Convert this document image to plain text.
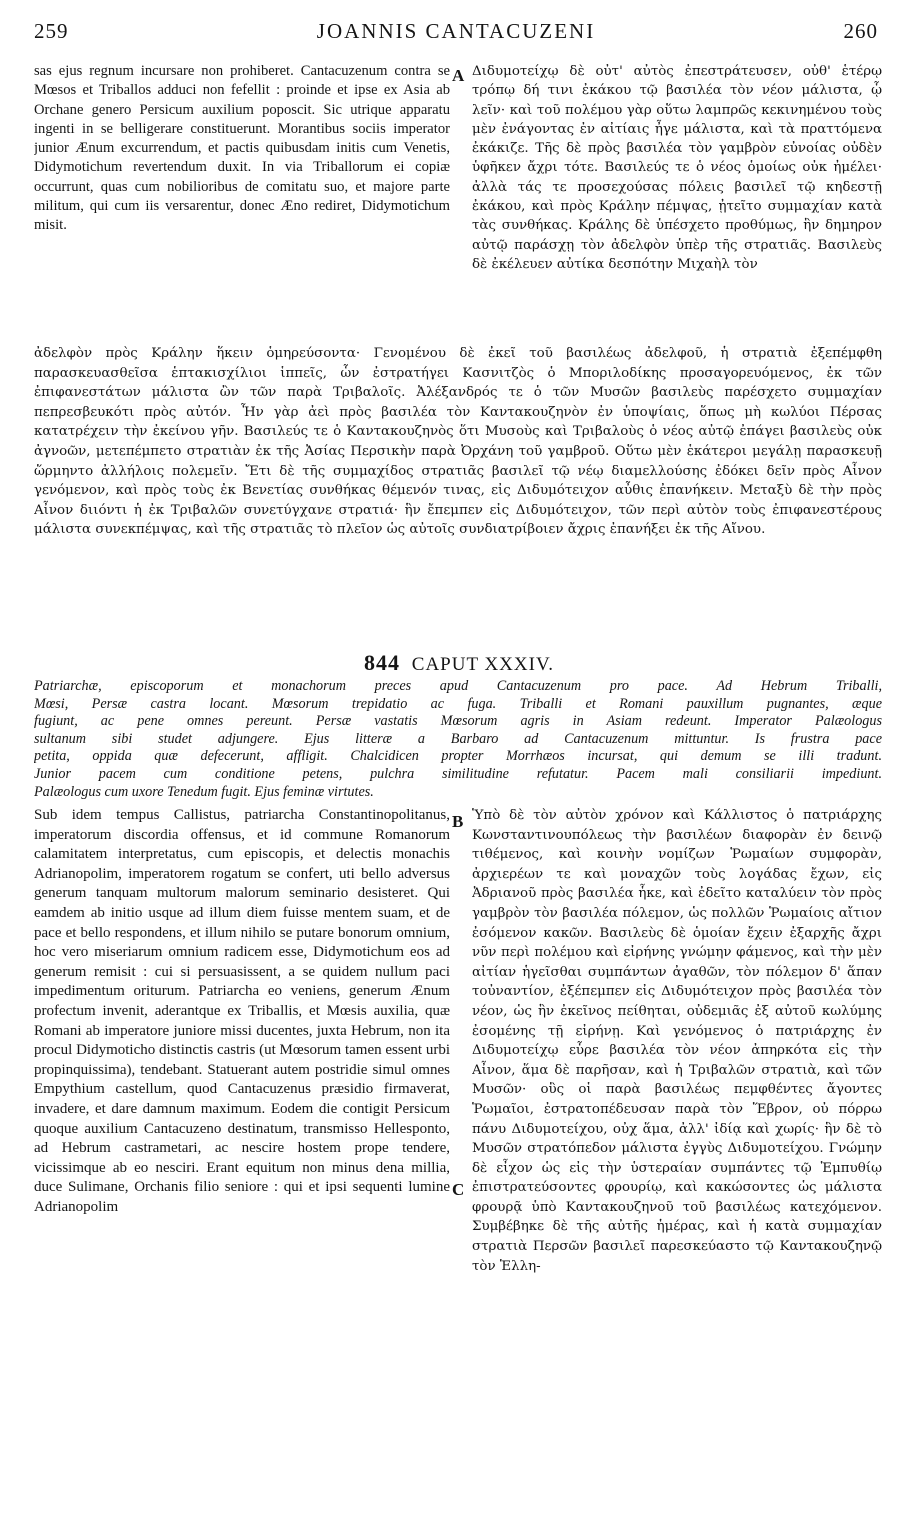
259	JOANNIS CANTACUZENI	260
sas ejus regnum incursare non prohiberet. Cantacuzenum contra se Mœsos et Triballos adduci non fefellit : proinde et ipse ex Asia ab Orchane genero Persicum auxilium poposcit. Sic utrique apparatu ingenti in se belligerare constituerunt. Morantibus sociis imperator junior Ænum excurrendum, et pactis quibusdam initis cum Venetis, Didymotichum revertendum duxit. In via Triballorum ei copiæ occurrunt, quas cum nobilioribus de comitatu suo, et majore parte militum, qui cum iis versarentur, donec Æno rediret, Didymotichum misit.
A Διδυμοτείχῳ δὲ οὐτ' αὐτὸς ἐπεστράτευσεν, οὐθ' ἑτέρῳ τρόπῳ δή τινι ἐκάκου τῷ βασιλέα τὸν νέον μάλιστα, ᾧ λεῖν· καὶ τοῦ πολέμου γὰρ οὕτω λαμπρῶς κεκινημένου τοὺς μὲν ἐνάγοντας ἐν αἰτίαις ἦγε μάλιστα, καὶ τὰ πραττόμενα ἐκάκιζε. Τῆς δὲ πρὸς βασιλέα τὸν γαμβρὸν εὐνοίας οὐδὲν ὑφῆκεν ἄχρι τότε. Βασιλεύς τε ὁ νέος ὁμοίως οὐκ ἠμέλει· ἀλλὰ τάς τε προσεχούσας πόλεις βασιλεῖ τῷ κηδεστῇ ἐκάκου, καὶ πρὸς Κράλην πέμψας, ᾐτεῖτο συμμαχίαν κατὰ τὰς συνθήκας. Κράλης δὲ ὑπέσχετο προθύμως, ἣν δημηρον αὐτῷ παράσχῃ τὸν ἀδελφὸν ὑπὲρ τῆς στρατιᾶς. Βασιλεὺς δὲ ἐκέλευεν αὐτίκα δεσπότην Μιχαὴλ τὸν
ἀδελφὸν πρὸς Κράλην ἥκειν ὁμηρεύσοντα· Γενομένου δὲ ἐκεῖ τοῦ βασιλέως ἀδελφοῦ, ἡ στρατιὰ ἐξεπέμφθη παρασκευασθεῖσα ἑπτακισχίλιοι ἱππεῖς, ὧν ἐστρατήγει Κασνιτζὸς ὁ Μποριλοδίκης προσαγορευόμενος, ἐκ τῶν ἐπιφανεστάτων μάλιστα ὢν τῶν παρὰ Τριβαλοῖς. Ἀλέξανδρός τε ὁ τῶν Μυσῶν βασιλεὺς παρέσχετο συμμαχίαν πεπρεσβευκότι πρὸς αὐτόν. Ἦν γὰρ ἀεὶ πρὸς βασιλέα τὸν Καντακουζηνὸν ἐν ὑποψίαις, ὅπως μὴ κωλύοι Πέρσας κατατρέχειν τὴν ἐκείνου γῆν. Βασιλεύς τε ὁ Καντακουζηνὸς ὅτι Μυσοὺς καὶ Τριβαλοὺς ὁ νέος αὐτῷ ἐπάγει βασιλεὺς οὐκ ἀγνοῶν, μετεπέμπετο στρατιὰν ἐκ τῆς Ἀσίας Περσικὴν παρὰ Ὀρχάνη τοῦ γαμβροῦ. Οὕτω μὲν ἑκάτεροι μεγάλῃ παρασκευῇ ὥρμηντο ἀλλήλοις πολεμεῖν. Ἔτι δὲ τῆς συμμαχίδος στρατιᾶς βασιλεῖ τῷ νέῳ διαμελλούσης ἐδόκει δεῖν πρὸς Αἶνον γενόμενον, καὶ πρὸς τοὺς ἐκ Βενετίας συνθήκας θέμενόν τινας, εἰς Διδυμότειχον αὖθις ἐπανήκειν. Μεταξὺ δὲ τὴν πρὸς Αἶνον διιόντι ἡ ἐκ Τριβαλῶν συνετύγχανε στρατιά· ἣν ἔπεμπεν εἰς Διδυμότειχον, τῶν περὶ αὐτὸν τοὺς ἐπιφανεστέρους μάλιστα συνεκπέμψας, καὶ τῆς στρατιᾶς τὸ πλεῖον ὡς αὐτοῖς συνδιατρίβοιεν ἄχρις ἐπανήξει ἐκ τῆς Αἴνου.
844 CAPUT XXXIV.
Patriarchæ, episcoporum et monachorum preces apud Cantacuzenum pro pace. Ad Hebrum Triballi,
Mœsi, Persæ castra locant. Mœsorum trepidatio ac fuga. Triballi et Romani pauxillum pugnantes, æque
fugiunt, ac pene omnes pereunt. Persæ vastatis Mœsorum agris in Asiam redeunt. Imperator Palæologus
sultanum sibi studet adjungere. Ejus litteræ a Barbaro ad Cantacuzenum mittuntur. Is frustra pace
petita, oppida quæ defecerunt, affligit. Chalcidicen propter Morrhæos incursat, qui demum se illi tradunt.
Junior pacem cum conditione petens, pulchra similitudine refutatur. Pacem mali consiliarii impediunt.
Palæologus cum uxore Tenedum fugit. Ejus feminæ virtutes.
Sub idem tempus Callistus, patriarcha Constantinopolitanus, imperatorum discordia offensus, et id commune Romanorum calamitatem interpretatus, cum episcopis, et delectis monachis Adrianopolim, imperatorem rogatum se confert, uti bello adversus generum tanquam multorum malorum seminario desisteret. Qui eamdem ab initio usque ad illum diem fuisse mentem suam, et de pace et bello respondens, et illum nihilo se putare bonorum omnium, hoc vero miseriarum omnium radicem esse, Didymotichum eos ad generum remisit : cui si persuasissent, a se quidem nullum paci impedimentum oriturum. Patriarcha eo veniens, generum Ænum profectum invenit, aderantque ex Triballis, et Mœsis auxilia, quæ Romani ab imperatore juniore missi ducentes, juxta Hebrum, non ita procul Didymoticho distinctis castris (ut Mœsorum tamen essent urbi propinquissima), tendebant. Statuerant autem postridie simul omnes Empythium castellum, quod Cantacuzenus præsidio firmaverat, invadere, et dare damnum maximum. Eodem die contigit Persicum quoque auxilium Cantacuzeno destinatum, transmisso Hellesponto, ad Hebrum castrametari, ac nescire hostem prope tendere, vicissimque ab eo nesciri. Erant equitum non minus dena millia, duce Sulimane, Orchanis filio seniore : qui et ipsi sequenti lumine Adrianopolim
B
C
Ὑπὸ δὲ τὸν αὐτὸν χρόνον καὶ Κάλλιστος ὁ πατριάρχης Κωνσταντινουπόλεως τὴν βασιλέων διαφορὰν ἐν δεινῷ τιθέμενος, καὶ κοινὴν νομίζων Ῥωμαίων συμφορὰν, ἀρχιερέων τε καὶ μοναχῶν τοὺς λογάδας ἔχων, εἰς Ἀδριανοῦ πρὸς βασιλέα ἧκε, καὶ ἐδεῖτο καταλύειν τὸν πρὸς γαμβρὸν τὸν βασιλέα πόλεμον, ὡς πολλῶν Ῥωμαίοις αἴτιον ἐσόμενον κακῶν. Βασιλεὺς δὲ ὁμοίαν ἔχειν ἐξαρχῆς ἄχρι νῦν περὶ πολέμου καὶ εἰρήνης γνώμην φάμενος, καὶ τὴν μὲν αἰτίαν ἡγεῖσθαι συμπάντων ἀγαθῶν, τὸν πόλεμον δ' ἅπαν τοὐναντίον, ἐξέπεμπεν εἰς Διδυμότειχον πρὸς βασιλέα τὸν νέον, ὡς ἣν ἐκεῖνος πείθηται, οὐδεμιᾶς ἐξ αὐτοῦ κωλύμης ἐσομένης τῇ εἰρήνῃ. Καὶ γενόμενος ὁ πατριάρχης ἐν Διδυμοτείχῳ εὗρε βασιλέα τὸν νέον ἀπηρκότα εἰς τὴν Αἶνον, ἅμα δὲ παρῆσαν, καὶ ἡ Τριβαλῶν στρατιὰ, καὶ τῶν Μυσῶν· οὓς οἱ παρὰ βασιλέως πεμφθέντες ἄγοντες Ῥωμαῖοι, ἐστρατοπέδευσαν παρὰ τὸν Ἕβρον, οὐ πόρρω πάνυ Διδυμοτείχου, οὐχ ἅμα, ἀλλ' ἰδίᾳ καὶ χωρίς· ἣν δὲ τὸ Μυσῶν στρατόπεδον μάλιστα ἐγγὺς Διδυμοτείχου. Γνώμην δὲ εἶχον ὡς εἰς τὴν ὑστεραίαν συμπάντες τῷ Ἐμπυθίῳ ἐπιστρατεύσοντες φρουρίῳ, καὶ κακώσοντες ὡς μάλιστα φρουρᾷ ὑπὸ Καντακουζηνοῦ τοῦ βασιλέως κατεχόμενον. Συμβέβηκε δὲ τῆς αὐτῆς ἡμέρας, καὶ ἡ κατὰ συμμαχίαν στρατιὰ Περσῶν βασιλεῖ παρεσκεύαστο τῷ Καντακουζηνῷ τὸν Ἑλλη-
